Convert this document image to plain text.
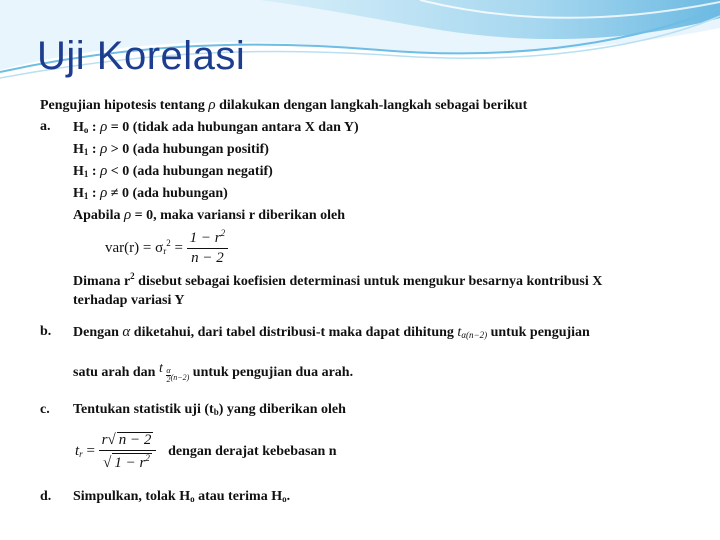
Uji Korelasi
Pengujian hipotesis tentang ρ dilakukan dengan langkah-langkah sebagai berikut
a. $H_o$ : ρ = 0 (tidak ada hubungan antara X dan Y)
$H_1$ : ρ > 0 (ada hubungan positif)
$H_1$ : ρ < 0 (ada hubungan negatif)
$H_1$ : ρ ≠ 0 (ada hubungan)
Apabila ρ = 0, maka variansi r diberikan oleh
$var(r) = \sigma_r^2 = \frac{1 - r^2}{n - 2}$
Dimana $r^2$ disebut sebagai koefisien determinasi untuk mengukur besarnya kontribusi X
terhadap variasi Y
b. Dengan α diketahui, dari tabel distribusi-t maka dapat dihitung $t_{\alpha(n-2)}$ untuk pengujian
satu arah dan t $\frac{\alpha}{2} _{(n-2)}$ untuk pengujian dua arah.
c. Tentukan statistik uji $(t_b)$ yang diberikan oleh
$t_r = \frac{r√ n - 2}{√ 1 - r^2}$ dengan derajat kebebasan n
d. Simpulkan, tolak $H_o$ atau terima $H_o$.
